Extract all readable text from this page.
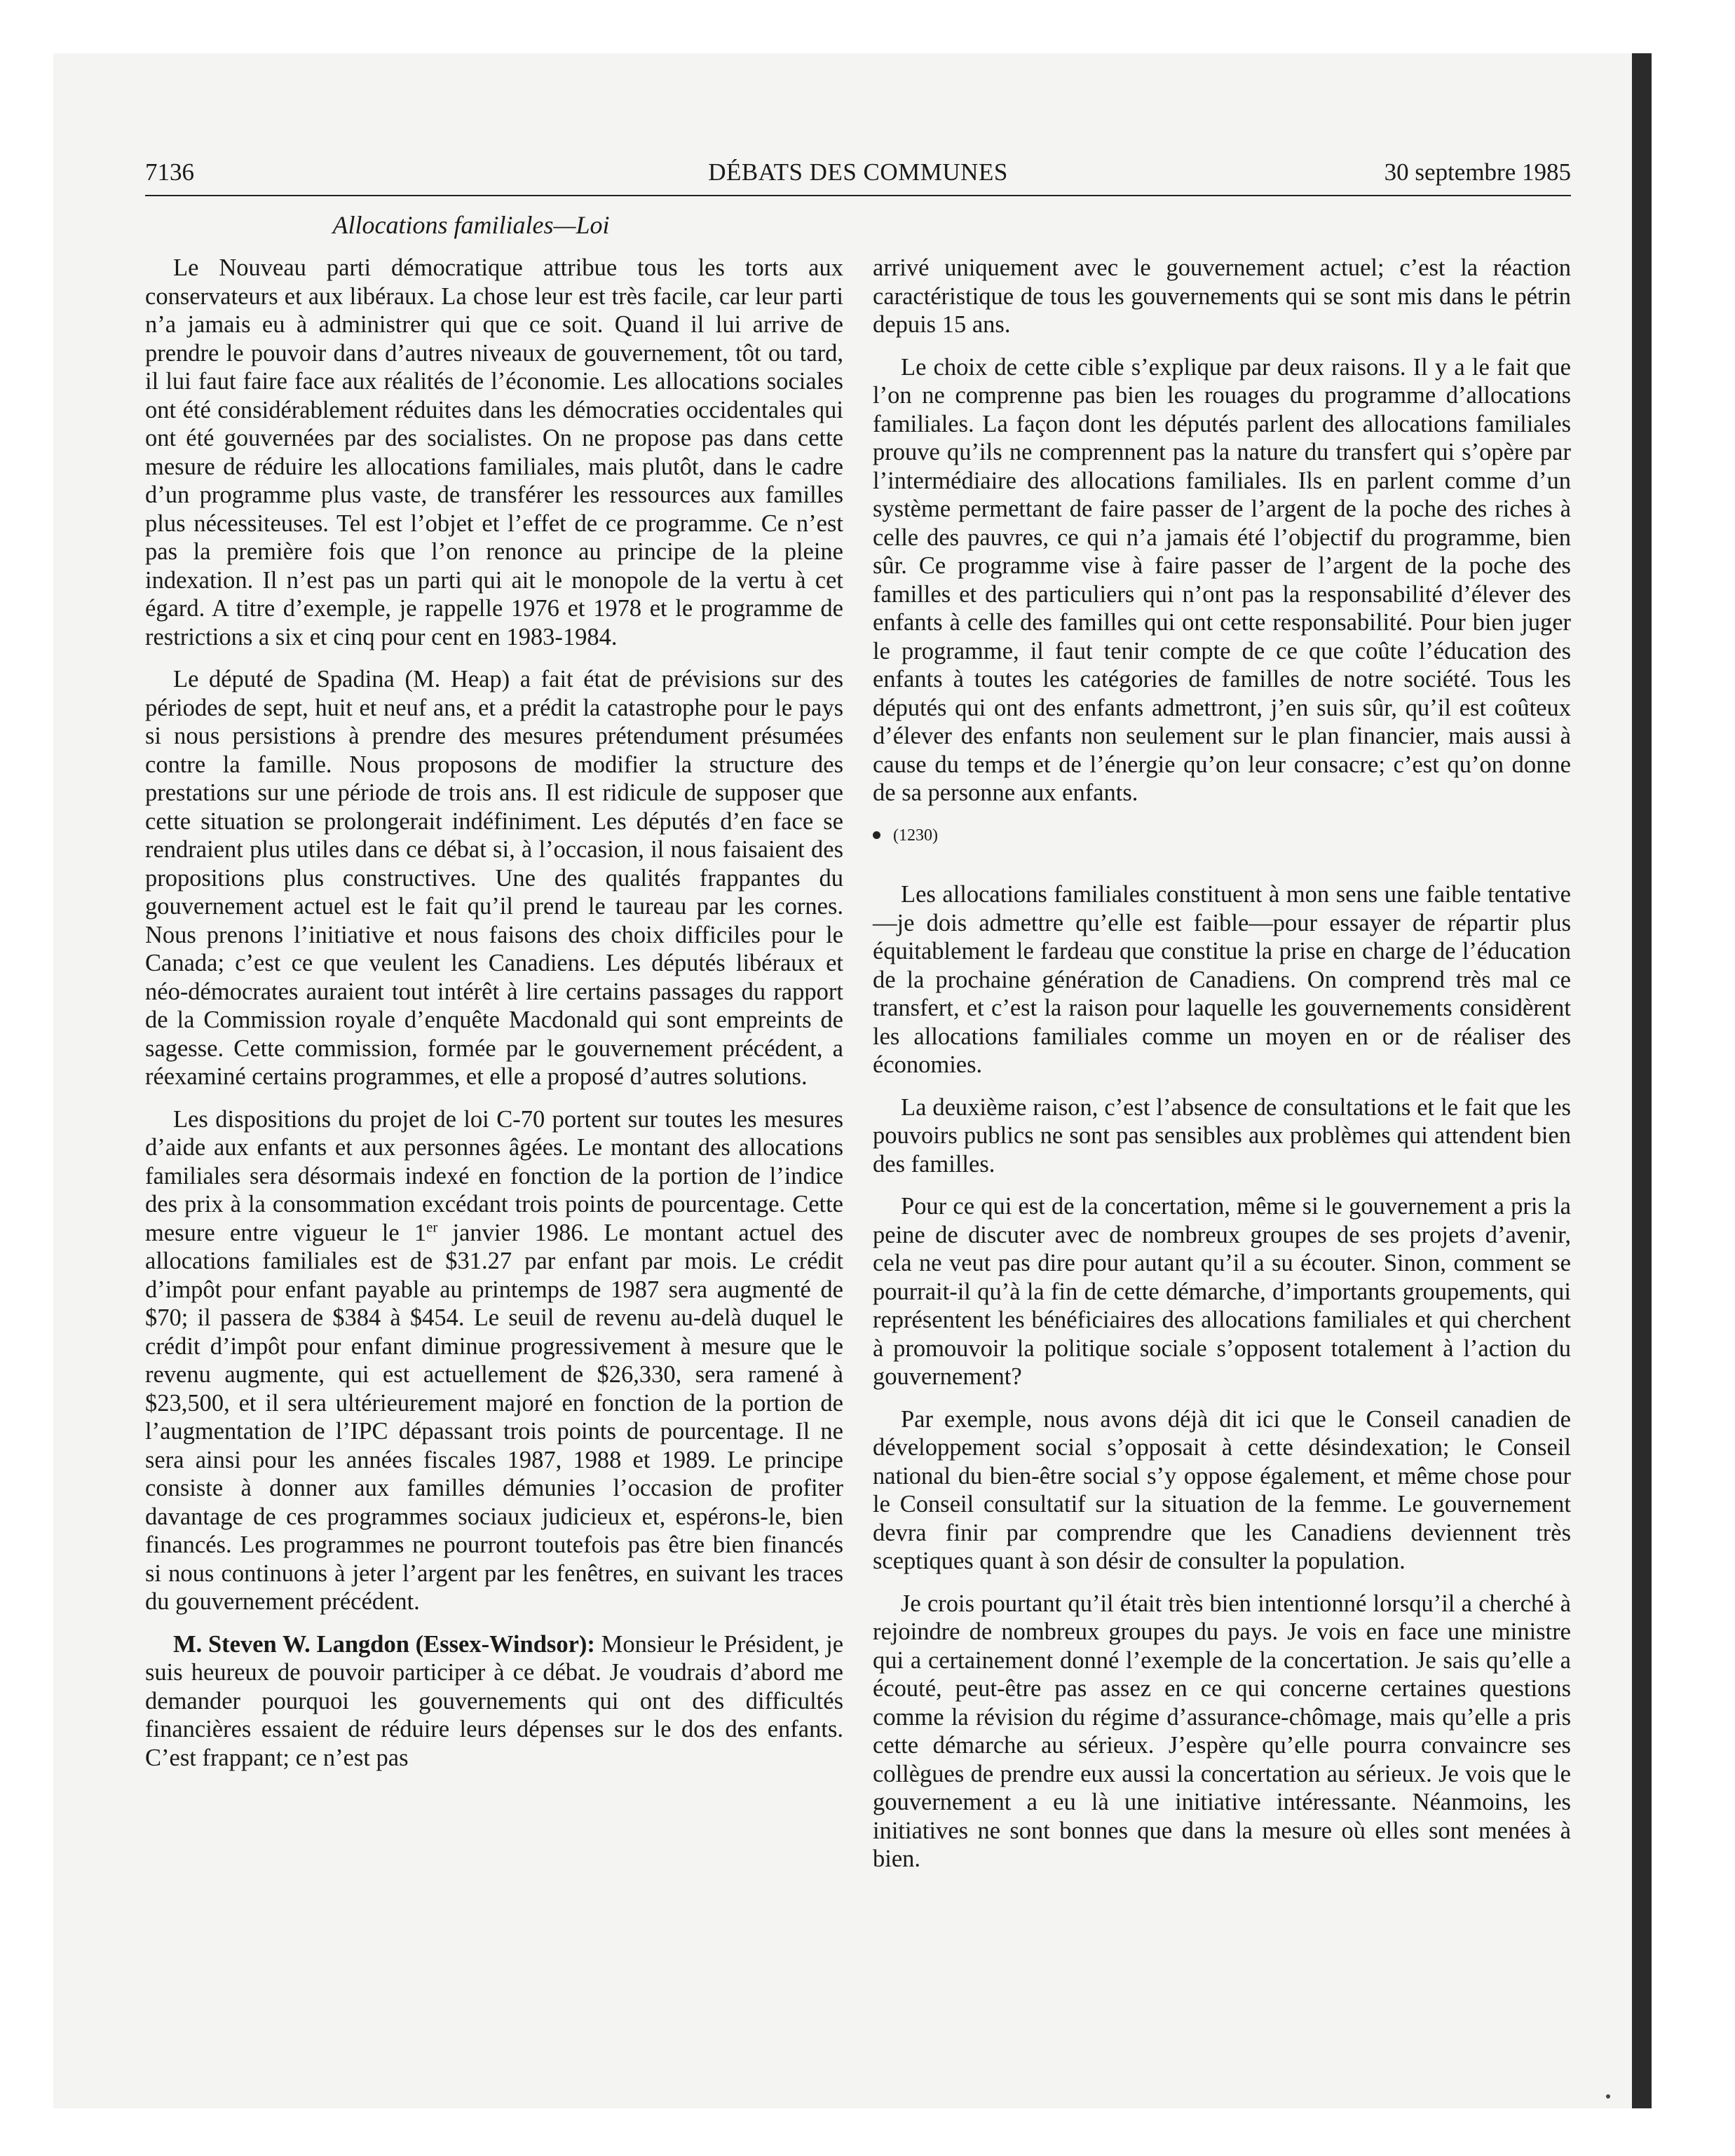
7136	DÉBATS DES COMMUNES	30 septembre 1985
Allocations familiales—Loi

Le Nouveau parti démocratique attribue tous les torts aux conservateurs et aux libéraux. La chose leur est très facile, car leur parti n’a jamais eu à administrer qui que ce soit. Quand il lui arrive de prendre le pouvoir dans d’autres niveaux de gouvernement, tôt ou tard, il lui faut faire face aux réalités de l’économie. Les allocations sociales ont été considérablement réduites dans les démocraties occidentales qui ont été gouvernées par des socialistes. On ne propose pas dans cette mesure de réduire les allocations familiales, mais plutôt, dans le cadre d’un programme plus vaste, de transférer les ressources aux familles plus nécessiteuses. Tel est l’objet et l’effet de ce programme. Ce n’est pas la première fois que l’on renonce au principe de la pleine indexation. Il n’est pas un parti qui ait le monopole de la vertu à cet égard. A titre d’exemple, je rappelle 1976 et 1978 et le programme de restrictions a six et cinq pour cent en 1983-1984.

Le député de Spadina (M. Heap) a fait état de prévisions sur des périodes de sept, huit et neuf ans, et a prédit la catastrophe pour le pays si nous persistions à prendre des mesures prétendument présumées contre la famille. Nous proposons de modifier la structure des prestations sur une période de trois ans. Il est ridicule de supposer que cette situation se prolongerait indéfiniment. Les députés d’en face se rendraient plus utiles dans ce débat si, à l’occasion, il nous faisaient des propositions plus constructives. Une des qualités frappantes du gouvernement actuel est le fait qu’il prend le taureau par les cornes. Nous prenons l’initiative et nous faisons des choix difficiles pour le Canada; c’est ce que veulent les Canadiens. Les députés libéraux et néo-démocrates auraient tout intérêt à lire certains passages du rapport de la Commission royale d’enquête Macdonald qui sont empreints de sagesse. Cette commission, formée par le gouvernement précédent, a réexaminé certains programmes, et elle a proposé d’autres solutions.

Les dispositions du projet de loi C-70 portent sur toutes les mesures d’aide aux enfants et aux personnes âgées. Le montant des allocations familiales sera désormais indexé en fonction de la portion de l’indice des prix à la consommation excédant trois points de pourcentage. Cette mesure entre vigueur le 1er janvier 1986. Le montant actuel des allocations familiales est de $31.27 par enfant par mois. Le crédit d’impôt pour enfant payable au printemps de 1987 sera augmenté de $70; il passera de $384 à $454. Le seuil de revenu au-delà duquel le crédit d’impôt pour enfant diminue progressivement à mesure que le revenu augmente, qui est actuellement de $26,330, sera ramené à $23,500, et il sera ultérieurement majoré en fonction de la portion de l’augmentation de l’IPC dépassant trois points de pourcentage. Il ne sera ainsi pour les années fiscales 1987, 1988 et 1989. Le principe consiste à donner aux familles démunies l’occasion de profiter davantage de ces programmes sociaux judicieux et, espérons-le, bien financés. Les programmes ne pourront toutefois pas être bien financés si nous continuons à jeter l’argent par les fenêtres, en suivant les traces du gouvernement précédent.

M. Steven W. Langdon (Essex-Windsor): Monsieur le Président, je suis heureux de pouvoir participer à ce débat. Je voudrais d’abord me demander pourquoi les gouvernements qui ont des difficultés financières essaient de réduire leurs dépenses sur le dos des enfants. C’est frappant; ce n’est pas

arrivé uniquement avec le gouvernement actuel; c’est la réaction caractéristique de tous les gouvernements qui se sont mis dans le pétrin depuis 15 ans.

Le choix de cette cible s’explique par deux raisons. Il y a le fait que l’on ne comprenne pas bien les rouages du programme d’allocations familiales. La façon dont les députés parlent des allocations familiales prouve qu’ils ne comprennent pas la nature du transfert qui s’opère par l’intermédiaire des allocations familiales. Ils en parlent comme d’un système permettant de faire passer de l’argent de la poche des riches à celle des pauvres, ce qui n’a jamais été l’objectif du programme, bien sûr. Ce programme vise à faire passer de l’argent de la poche des familles et des particuliers qui n’ont pas la responsabilité d’élever des enfants à celle des familles qui ont cette responsabilité. Pour bien juger le programme, il faut tenir compte de ce que coûte l’éducation des enfants à toutes les catégories de familles de notre société. Tous les députés qui ont des enfants admettront, j’en suis sûr, qu’il est coûteux d’élever des enfants non seulement sur le plan financier, mais aussi à cause du temps et de l’énergie qu’on leur consacre; c’est qu’on donne de sa personne aux enfants.

(1230)

Les allocations familiales constituent à mon sens une faible tentative—je dois admettre qu’elle est faible—pour essayer de répartir plus équitablement le fardeau que constitue la prise en charge de l’éducation de la prochaine génération de Canadiens. On comprend très mal ce transfert, et c’est la raison pour laquelle les gouvernements considèrent les allocations familiales comme un moyen en or de réaliser des économies.

La deuxième raison, c’est l’absence de consultations et le fait que les pouvoirs publics ne sont pas sensibles aux problèmes qui attendent bien des familles.

Pour ce qui est de la concertation, même si le gouvernement a pris la peine de discuter avec de nombreux groupes de ses projets d’avenir, cela ne veut pas dire pour autant qu’il a su écouter. Sinon, comment se pourrait-il qu’à la fin de cette démarche, d’importants groupements, qui représentent les bénéficiaires des allocations familiales et qui cherchent à promouvoir la politique sociale s’opposent totalement à l’action du gouvernement?

Par exemple, nous avons déjà dit ici que le Conseil canadien de développement social s’opposait à cette désindexation; le Conseil national du bien-être social s’y oppose également, et même chose pour le Conseil consultatif sur la situation de la femme. Le gouvernement devra finir par comprendre que les Canadiens deviennent très sceptiques quant à son désir de consulter la population.

Je crois pourtant qu’il était très bien intentionné lorsqu’il a cherché à rejoindre de nombreux groupes du pays. Je vois en face une ministre qui a certainement donné l’exemple de la concertation. Je sais qu’elle a écouté, peut-être pas assez en ce qui concerne certaines questions comme la révision du régime d’assurance-chômage, mais qu’elle a pris cette démarche au sérieux. J’espère qu’elle pourra convaincre ses collègues de prendre eux aussi la concertation au sérieux. Je vois que le gouvernement a eu là une initiative intéressante. Néanmoins, les initiatives ne sont bonnes que dans la mesure où elles sont menées à bien.
